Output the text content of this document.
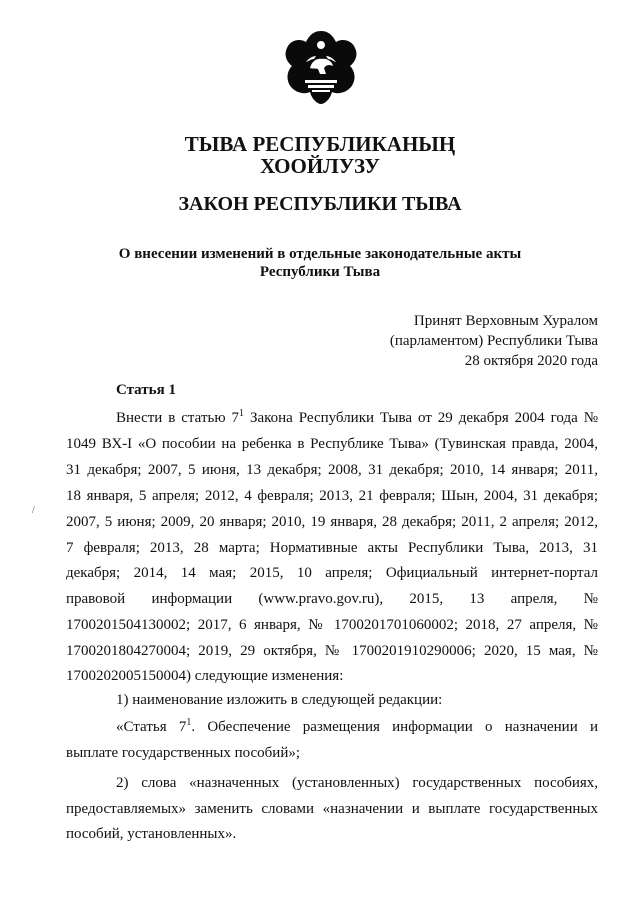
ТЫВА РЕСПУБЛИКАНЫҢ
ХООЙЛУЗУ
ЗАКОН РЕСПУБЛИКИ ТЫВА
О внесении изменений в отдельные законодательные акты
Республики Тыва
Принят Верховным Хуралом
(парламентом) Республики Тыва
28 октября 2020 года
Статья 1
Внести в статью $7^1$ Закона Республики Тыва от 29 декабря 2004 года №
1049 ВХ-I «О пособии на ребенка в Республике Тыва» (Тувинская правда, 2004,
31 декабря; 2007, 5 июня, 13 декабря; 2008, 31 декабря; 2010, 14 января; 2011,
18 января, 5 апреля; 2012, 4 февраля; 2013, 21 февраля; Шын, 2004, 31 декабря;
2007, 5 июня; 2009, 20 января; 2010, 19 января, 28 декабря; 2011, 2 апреля; 2012,
7 февраля; 2013, 28 марта; Нормативные акты Республики Тыва, 2013, 31
декабря; 2014, 14 мая; 2015, 10 апреля; Официальный интернет-портал
правовой информации (www.pravo.gov.ru), 2015, 13 апреля, №
1700201504130002; 2017, 6 января, № 1700201701060002; 2018, 27 апреля, №
1700201804270004; 2019, 29 октября, № 1700201910290006; 2020, 15 мая, №
1700202005150004) следующие изменения:
1) наименование изложить в следующей редакции:
«Статья $7^1$. Обеспечение размещения информации о назначении и
выплате государственных пособий»;
2) слова «назначенных (установленных) государственных пособиях,
предоставляемых» заменить словами «назначении и выплате государственных
пособий, установленных».
/
